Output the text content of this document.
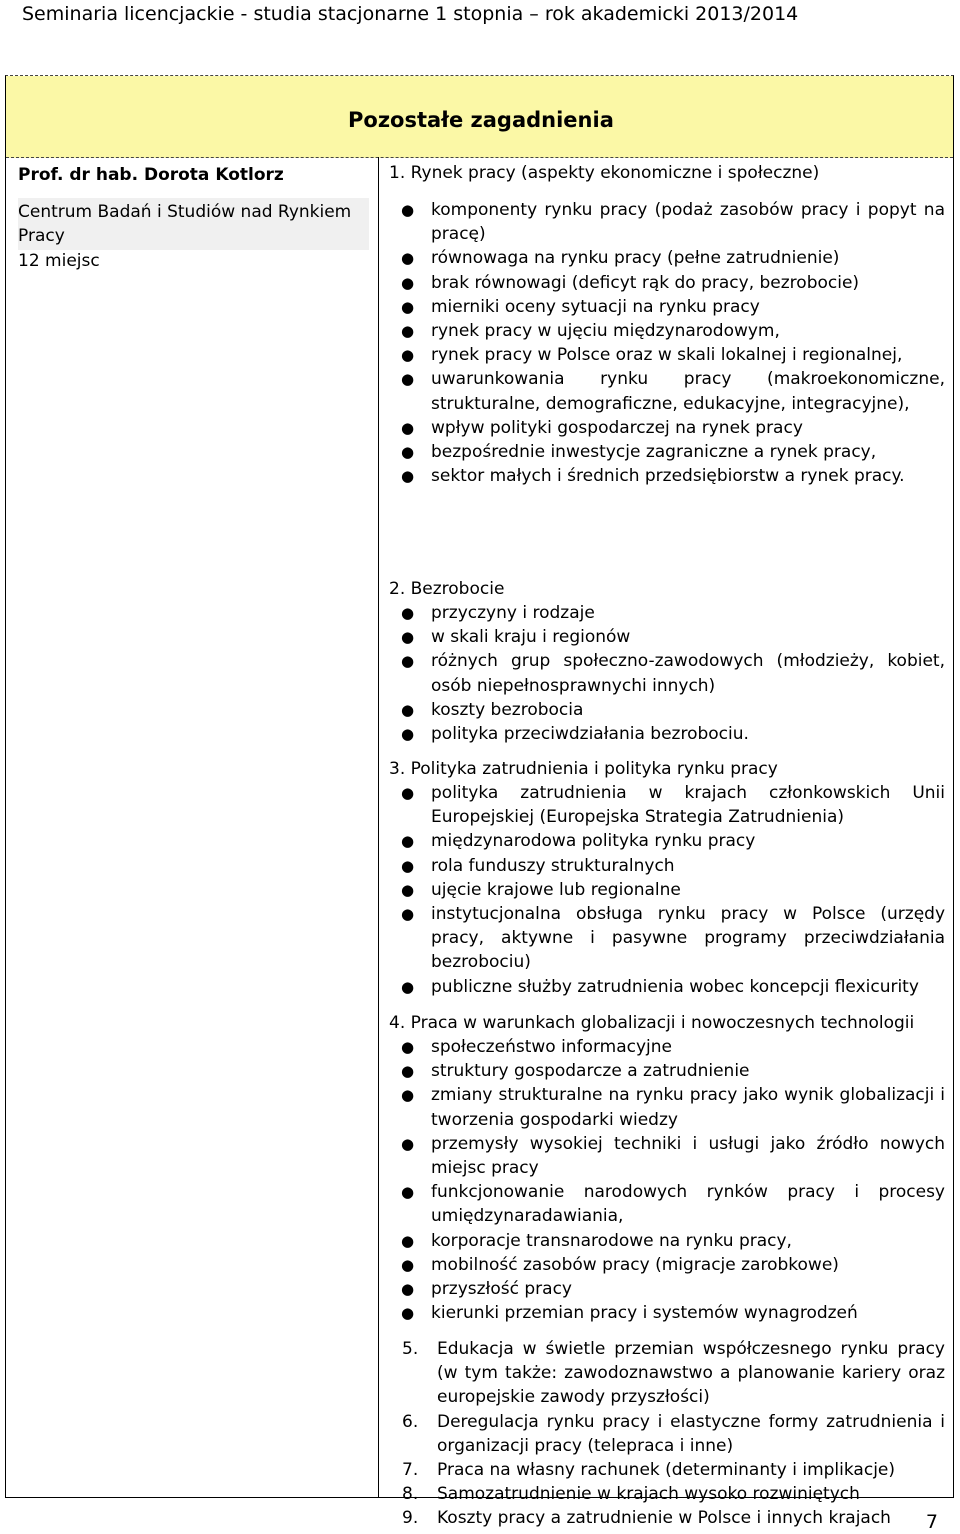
Seminaria licencjackie - studia stacjonarne 1 stopnia – rok akademicki 2013/2014
Pozostałe zagadnienia
Prof. dr hab. Dorota Kotlorz
Centrum Badań i Studiów nad Rynkiem Pracy
12 miejsc
1. Rynek pracy (aspekty ekonomiczne i społeczne)
● komponenty rynku pracy (podaż zasobów pracy i popyt na pracę)
● równowaga na rynku pracy (pełne zatrudnienie)
● brak równowagi (deficyt rąk do pracy, bezrobocie)
● mierniki oceny sytuacji na rynku pracy
● rynek pracy w ujęciu międzynarodowym,
● rynek pracy w Polsce oraz w skali lokalnej i regionalnej,
● uwarunkowania rynku pracy (makroekonomiczne, strukturalne, demograficzne, edukacyjne, integracyjne),
● wpływ polityki gospodarczej na rynek pracy
● bezpośrednie inwestycje zagraniczne a rynek pracy,
● sektor małych i średnich przedsiębiorstw a rynek pracy.
2. Bezrobocie
● przyczyny i rodzaje
● w skali kraju i regionów
● różnych grup społeczno-zawodowych (młodzieży, kobiet, osób niepełnosprawnychi innych)
● koszty bezrobocia
● polityka przeciwdziałania bezrobociu.
3. Polityka zatrudnienia i polityka rynku pracy
● polityka zatrudnienia w krajach członkowskich Unii Europejskiej (Europejska Strategia Zatrudnienia)
● międzynarodowa polityka rynku pracy
● rola funduszy strukturalnych
● ujęcie krajowe lub regionalne
● instytucjonalna obsługa rynku pracy w Polsce (urzędy pracy, aktywne i pasywne programy przeciwdziałania bezrobociu)
● publiczne służby zatrudnienia wobec koncepcji flexicurity
4. Praca w warunkach globalizacji i nowoczesnych technologii
● społeczeństwo informacyjne
● struktury gospodarcze a zatrudnienie
● zmiany strukturalne na rynku pracy jako wynik globalizacji i tworzenia gospodarki wiedzy
● przemysły wysokiej techniki i usługi jako źródło nowych miejsc pracy
● funkcjonowanie narodowych rynków pracy i procesy umiędzynaradawiania,
● korporacje transnarodowe na rynku pracy,
● mobilność zasobów pracy (migracje zarobkowe)
● przyszłość pracy
● kierunki przemian pracy i systemów wynagrodzeń
5. Edukacja w świetle przemian współczesnego rynku pracy (w tym także: zawodoznawstwo a planowanie kariery oraz europejskie zawody przyszłości)
6. Deregulacja rynku pracy i elastyczne formy zatrudnienia i organizacji pracy (telepraca i inne)
7. Praca na własny rachunek (determinanty i implikacje)
8. Samozatrudnienie w krajach wysoko rozwiniętych
9. Koszty pracy a zatrudnienie w Polsce i innych krajach	7
